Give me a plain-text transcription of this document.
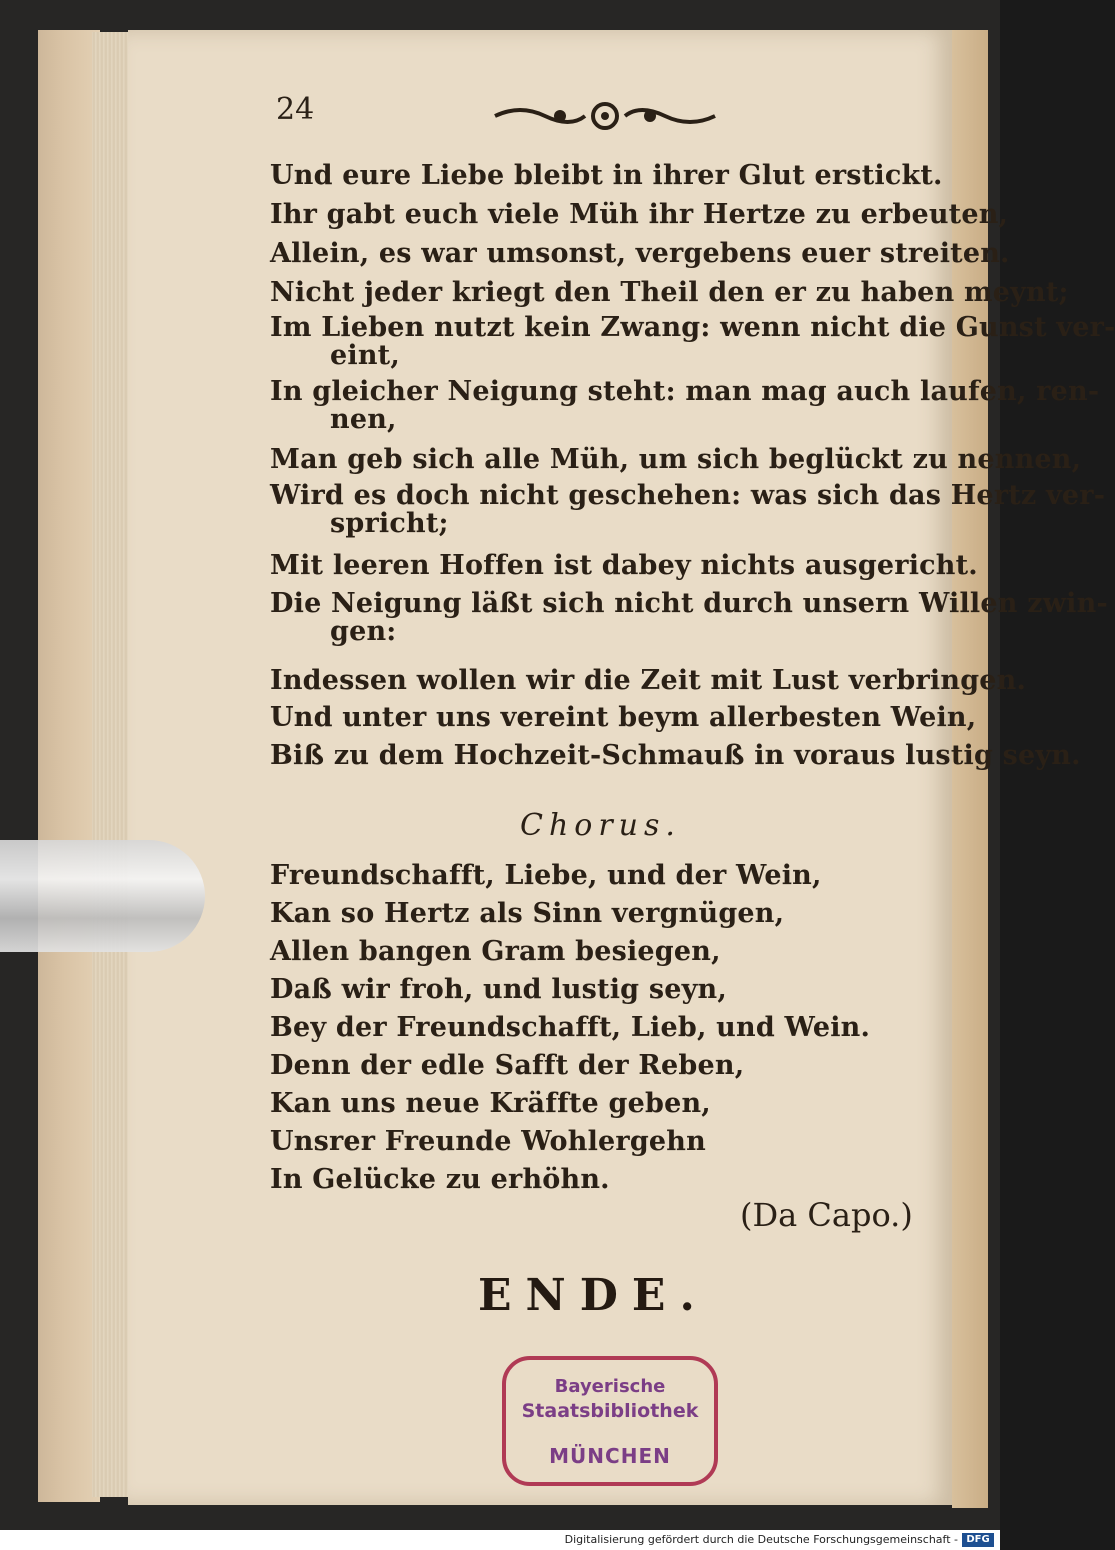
24
Und eure Liebe bleibt in ihrer Glut erstickt.
Ihr gabt euch viele Müh ihr Hertze zu erbeuten,
Allein, es war umsonst, vergebens euer streiten.
Nicht jeder kriegt den Theil den er zu haben meynt;
Im Lieben nutzt kein Zwang: wenn nicht die Gunst ver-
eint,
In gleicher Neigung steht: man mag auch laufen, ren-
nen,
Man geb sich alle Müh, um sich beglückt zu nennen,
Wird es doch nicht geschehen: was sich das Hertz ver-
spricht;
Mit leeren Hoffen ist dabey nichts ausgericht.
Die Neigung läßt sich nicht durch unsern Willen zwin-
gen:
Indessen wollen wir die Zeit mit Lust verbringen.
Und unter uns vereint beym allerbesten Wein,
Biß zu dem Hochzeit-Schmauß in voraus lustig seyn.
Chorus.
Freundschafft, Liebe, und der Wein,
Kan so Hertz als Sinn vergnügen,
Allen bangen Gram besiegen,
Daß wir froh, und lustig seyn,
Bey der Freundschafft, Lieb, und Wein.
Denn der edle Safft der Reben,
Kan uns neue Kräffte geben,
Unsrer Freunde Wohlergehn
In Gelücke zu erhöhn.
(Da Capo.)
ENDE.
Bayerische
Staatsbibliothek
MÜNCHEN
Digitalisierung gefördert durch die Deutsche Forschungsgemeinschaft - DFG
